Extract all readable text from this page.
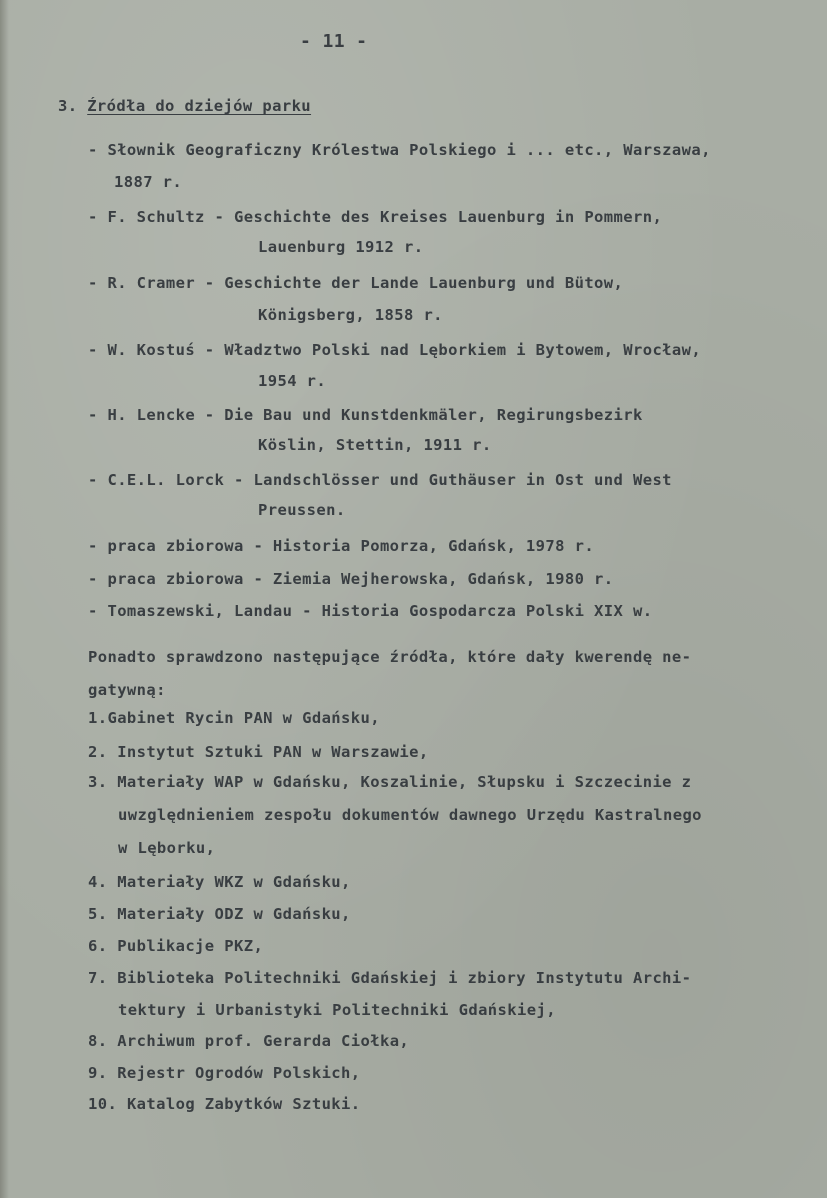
- 11 -
3. Źródła do dziejów parku
- Słownik Geograficzny Królestwa Polskiego i ... etc., Warszawa,
1887 r.
- F. Schultz - Geschichte des Kreises Lauenburg in Pommern,
Lauenburg 1912 r.
- R. Cramer - Geschichte der Lande Lauenburg und Bütow,
Königsberg, 1858 r.
- W. Kostuś - Władztwo Polski nad Lęborkiem i Bytowem, Wrocław,
1954 r.
- H. Lencke - Die Bau und Kunstdenkmäler, Regirungsbezirk
Köslin, Stettin, 1911 r.
- C.E.L. Lorck - Landschlösser und Guthäuser in Ost und West
Preussen.
- praca zbiorowa - Historia Pomorza, Gdańsk, 1978 r.
- praca zbiorowa - Ziemia Wejherowska, Gdańsk, 1980 r.
- Tomaszewski, Landau - Historia Gospodarcza Polski XIX w.
Ponadto sprawdzono następujące źródła, które dały kwerendę ne-
gatywną:
1.Gabinet Rycin PAN w Gdańsku,
2. Instytut Sztuki PAN w Warszawie,
3. Materiały WAP w Gdańsku, Koszalinie, Słupsku i Szczecinie z
uwzględnieniem zespołu dokumentów dawnego Urzędu Kastralnego
w Lęborku,
4. Materiały WKZ w Gdańsku,
5. Materiały ODZ w Gdańsku,
6. Publikacje PKZ,
7. Biblioteka Politechniki Gdańskiej i zbiory Instytutu Archi-
tektury i Urbanistyki Politechniki Gdańskiej,
8. Archiwum prof. Gerarda Ciołka,
9. Rejestr Ogrodów Polskich,
10. Katalog Zabytków Sztuki.
